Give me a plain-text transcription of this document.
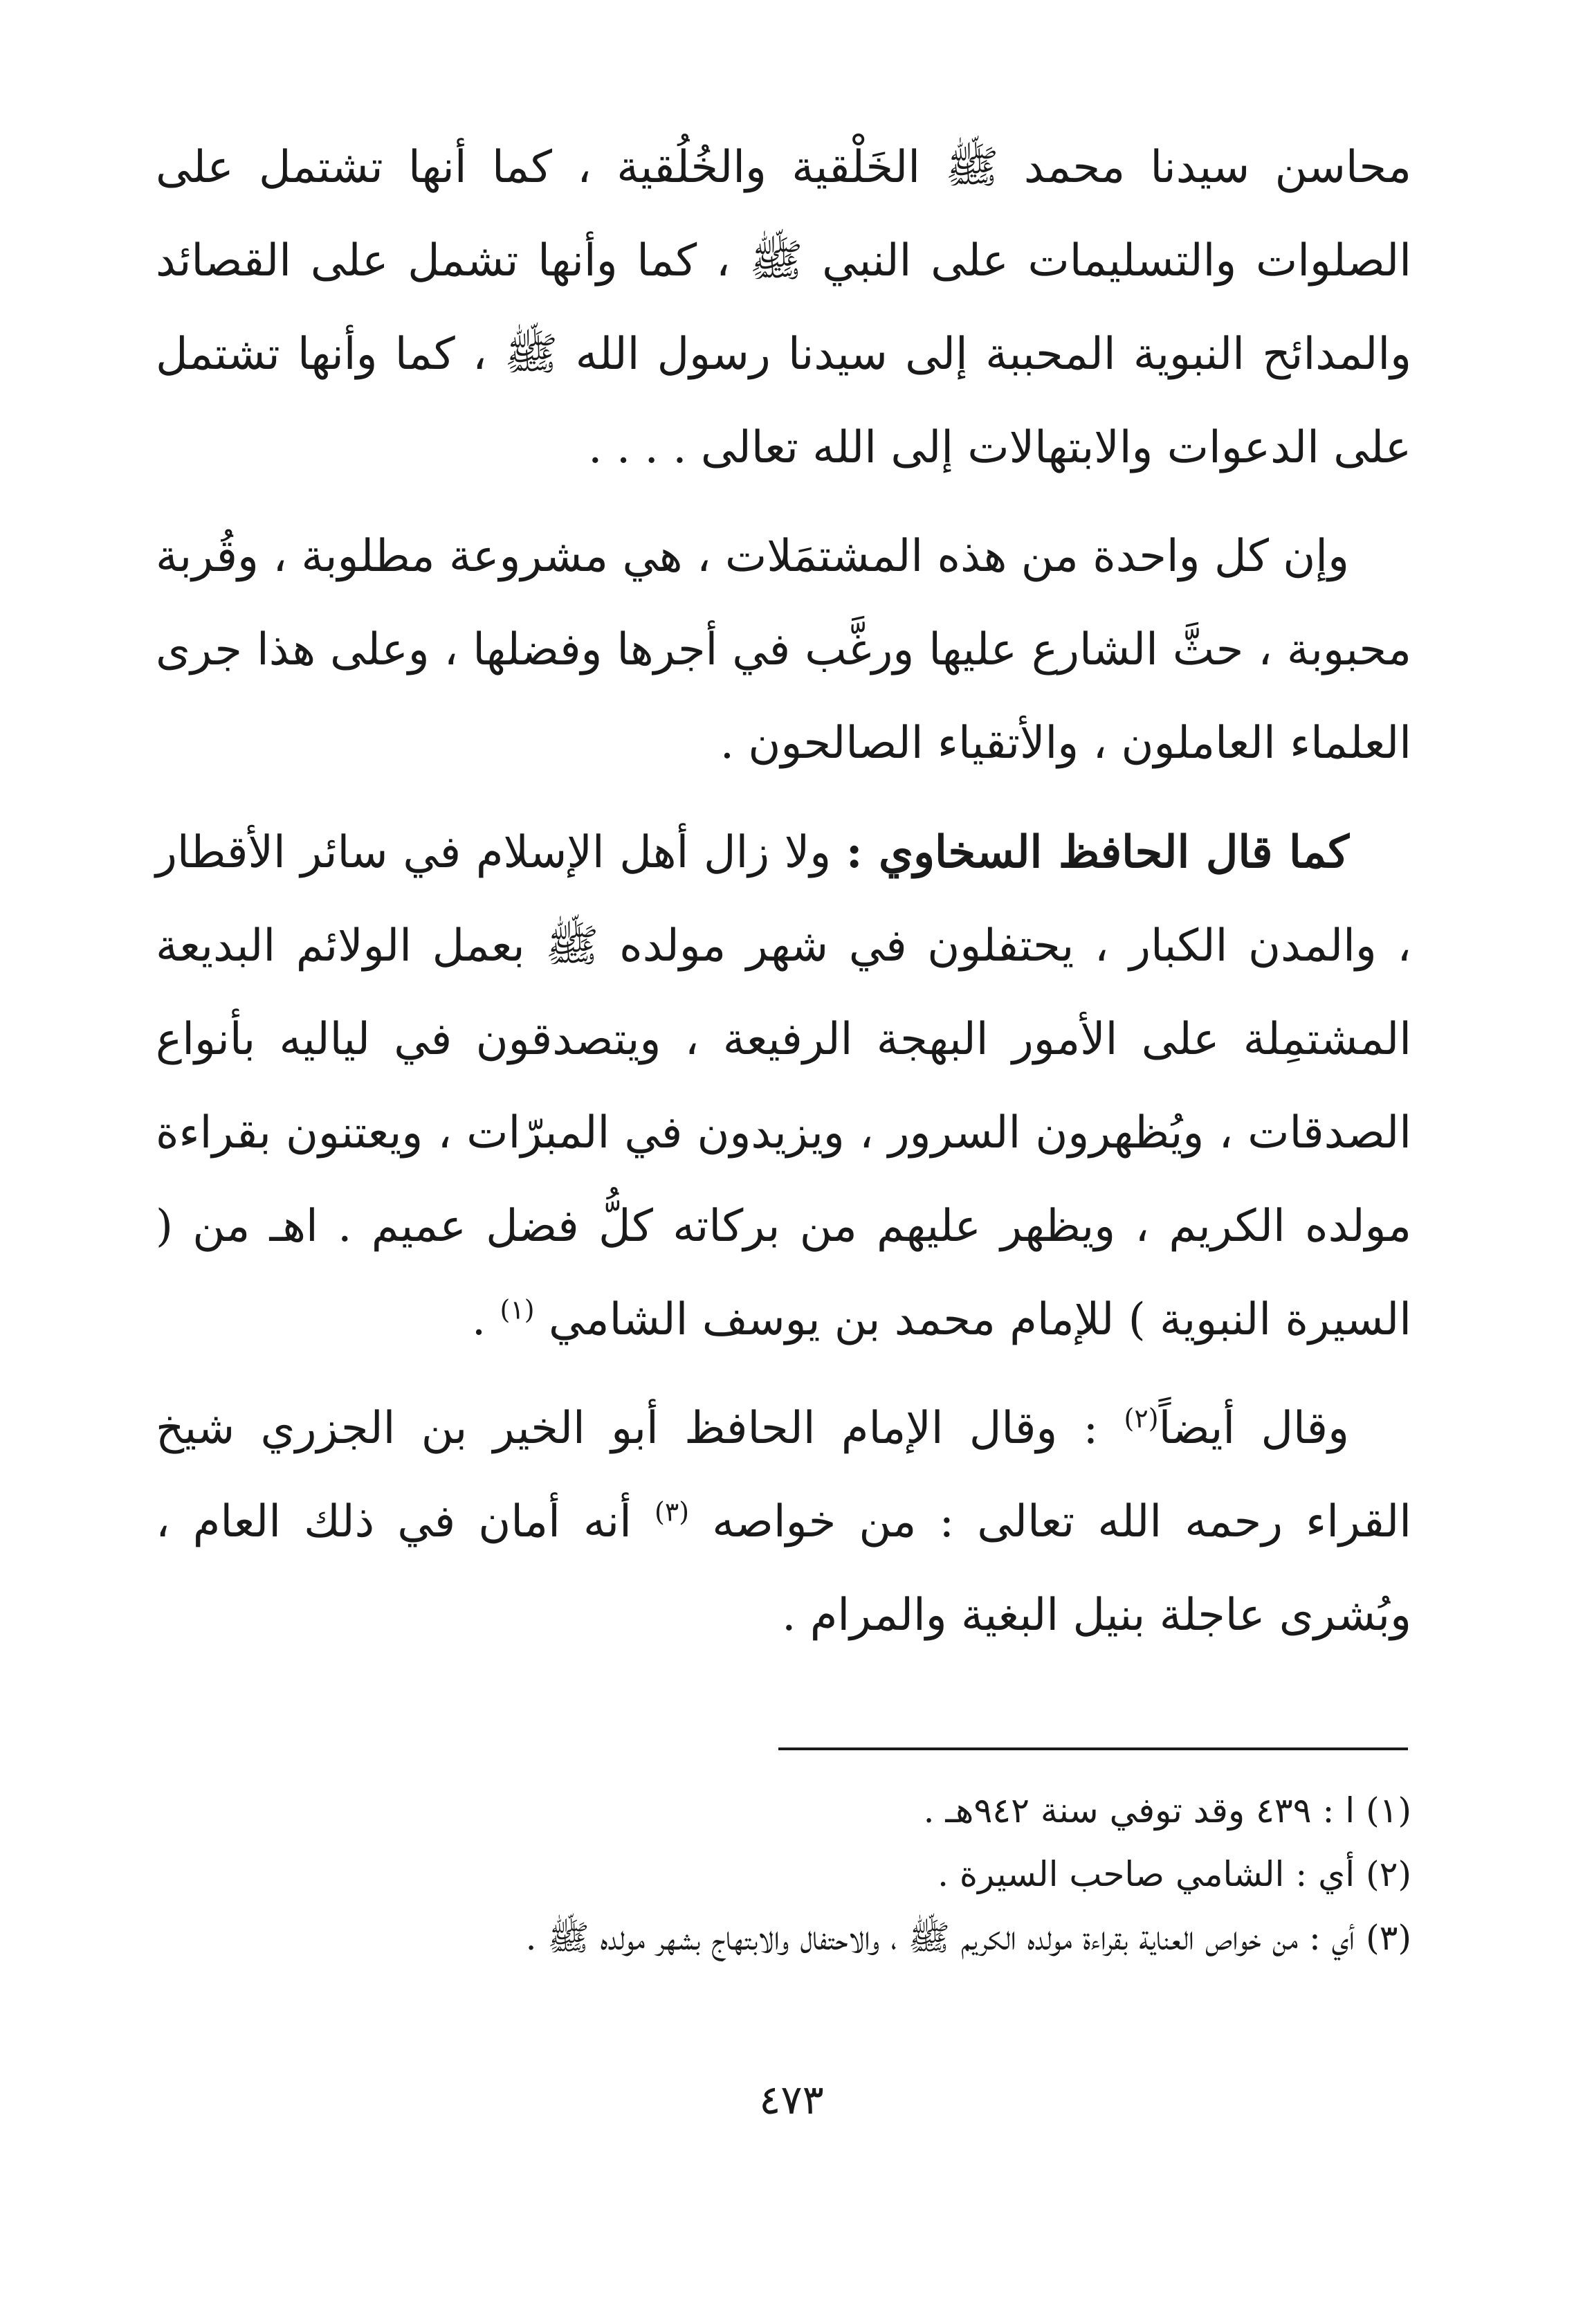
محاسن سيدنا محمد ﷺ الخَلْقية والخُلُقية ، كما أنها تشتمل على الصلوات والتسليمات على النبي ﷺ ، كما وأنها تشمل على القصائد والمدائح النبوية المحببة إلى سيدنا رسول الله ﷺ ، كما وأنها تشتمل على الدعوات والابتهالات إلى الله تعالى . . . .

وإن كل واحدة من هذه المشتمَلات ، هي مشروعة مطلوبة ، وقُربة محبوبة ، حثَّ الشارع عليها ورغَّب في أجرها وفضلها ، وعلى هذا جرى العلماء العاملون ، والأتقياء الصالحون .

كما قال الحافظ السخاوي : ولا زال أهل الإسلام في سائر الأقطار ، والمدن الكبار ، يحتفلون في شهر مولده ﷺ بعمل الولائم البديعة المشتمِلة على الأمور البهجة الرفيعة ، ويتصدقون في لياليه بأنواع الصدقات ، ويُظهرون السرور ، ويزيدون في المبرّات ، ويعتنون بقراءة مولده الكريم ، ويظهر عليهم من بركاته كلُّ فضل عميم . اهـ من ( السيرة النبوية ) للإمام محمد بن يوسف الشامي $^{(١)}$ .

وقال أيضاً$^{(٢)}$ : وقال الإمام الحافظ أبو الخير بن الجزري شيخ القراء رحمه الله تعالى : من خواصه $^{(٣)}$ أنه أمان في ذلك العام ، وبُشرى عاجلة بنيل البغية والمرام .

(١)ا : ٤٣٩ وقد توفي سنة ٩٤٢هـ .

(٢)أي : الشامي صاحب السيرة .

(٣)أي : من خواص العناية بقراءة مولده الكريم ﷺ ، والاحتفال والابتهاج بشهر مولده ﷺ .

٤٧٣
